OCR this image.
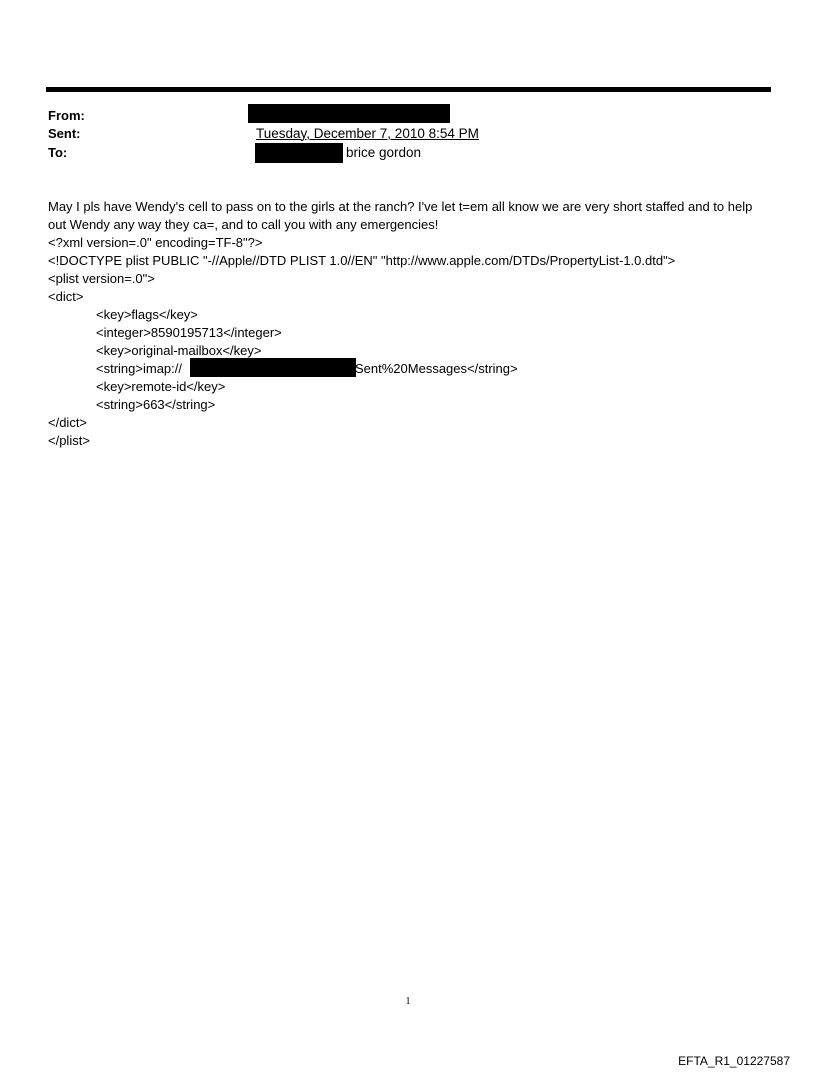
From:
Sent:	Tuesday, December 7, 2010 8:54 PM
To:	brice gordon
May I pls have Wendy's cell to pass on to the girls at the ranch? I've let t=em all know we are very short staffed and to help out Wendy any way they ca=, and to call you with any emergencies!
<?xml version=.0" encoding=TF-8"?>
<!DOCTYPE plist PUBLIC "-//Apple//DTD PLIST 1.0//EN" "http://www.apple.com/DTDs/PropertyList-1.0.dtd">
<plist version=.0">
<dict>
<key>flags</key>
<integer>8590195713</integer>
<key>original-mailbox</key>
<string>imap://	Sent%20Messages</string>
<key>remote-id</key>
<string>663</string>
</dict>
</plist>
1
EFTA_R1_01227587
